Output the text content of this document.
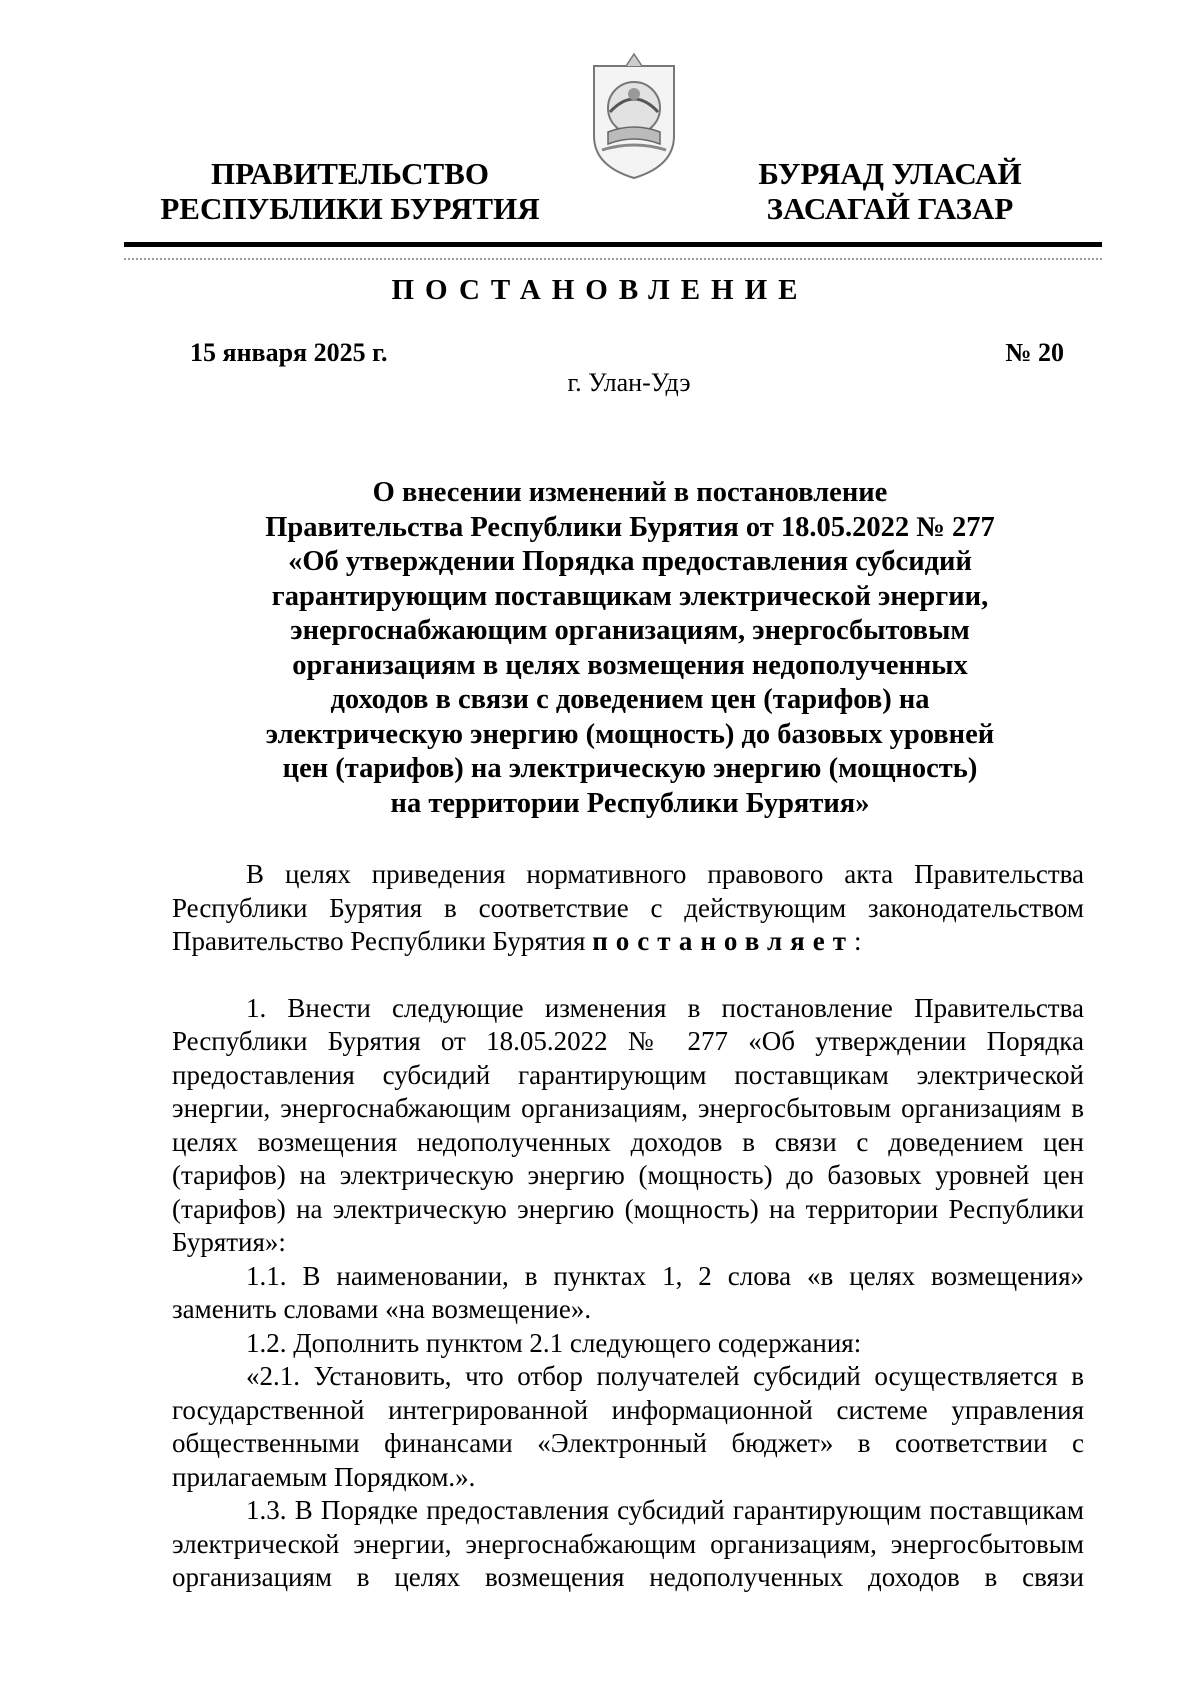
ПРАВИТЕЛЬСТВО
РЕСПУБЛИКИ БУРЯТИЯ
БУРЯАД УЛАСАЙ
ЗАСАГАЙ ГАЗАР
ПОСТАНОВЛЕНИЕ
15 января 2025 г.	№ 20
г. Улан-Удэ
О внесении изменений в постановление
Правительства Республики Бурятия от 18.05.2022 № 277
«Об утверждении Порядка предоставления субсидий
гарантирующим поставщикам электрической энергии,
энергоснабжающим организациям, энергосбытовым
организациям в целях возмещения недополученных
доходов в связи с доведением цен (тарифов) на
электрическую энергию (мощность) до базовых уровней
цен (тарифов) на электрическую энергию (мощность)
на территории Республики Бурятия»

В целях приведения нормативного правового акта Правительства Республики Бурятия в соответствие с действующим законодательством Правительство Республики Бурятия постановляет:

1. Внести следующие изменения в постановление Правительства Республики Бурятия от 18.05.2022 № 277 «Об утверждении Порядка предоставления субсидий гарантирующим поставщикам электрической энергии, энергоснабжающим организациям, энергосбытовым организациям в целях возмещения недополученных доходов в связи с доведением цен (тарифов) на электрическую энергию (мощность) до базовых уровней цен (тарифов) на электрическую энергию (мощность) на территории Республики Бурятия»:

1.1. В наименовании, в пунктах 1, 2 слова «в целях возмещения» заменить словами «на возмещение».

1.2. Дополнить пунктом 2.1 следующего содержания:

«2.1. Установить, что отбор получателей субсидий осуществляется в государственной интегрированной информационной системе управления общественными финансами «Электронный бюджет» в соответствии с прилагаемым Порядком.».

1.3. В Порядке предоставления субсидий гарантирующим поставщикам электрической энергии, энергоснабжающим организациям, энергосбытовым организациям в целях возмещения недополученных доходов в связи
